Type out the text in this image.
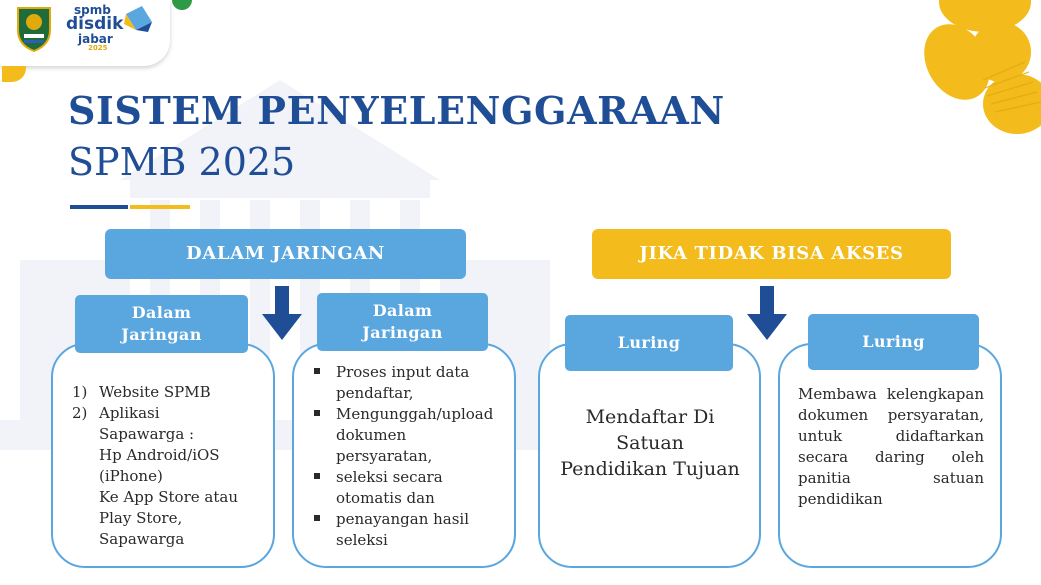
spmb
disdik
jabar
2025
SISTEM PENYELENGGARAAN
SPMB 2025
DALAM JARINGAN	JIKA TIDAK BISA AKSES
Dalam
Jaringan
Dalam
Jaringan
Luring	Luring
1) Website SPMB
2) Aplikasi
Sapawarga :
Hp Android/iOS
(iPhone)
Ke App Store atau
Play Store,
Sapawarga
Proses input data pendaftar,
Mengunggah/upload dokumen persyaratan,
seleksi secara otomatis dan
penayangan hasil seleksi
Mendaftar Di Satuan Pendidikan Tujuan
Membawa kelengkapan dokumen persyaratan, untuk didaftarkan secara daring oleh panitia satuan pendidikan
